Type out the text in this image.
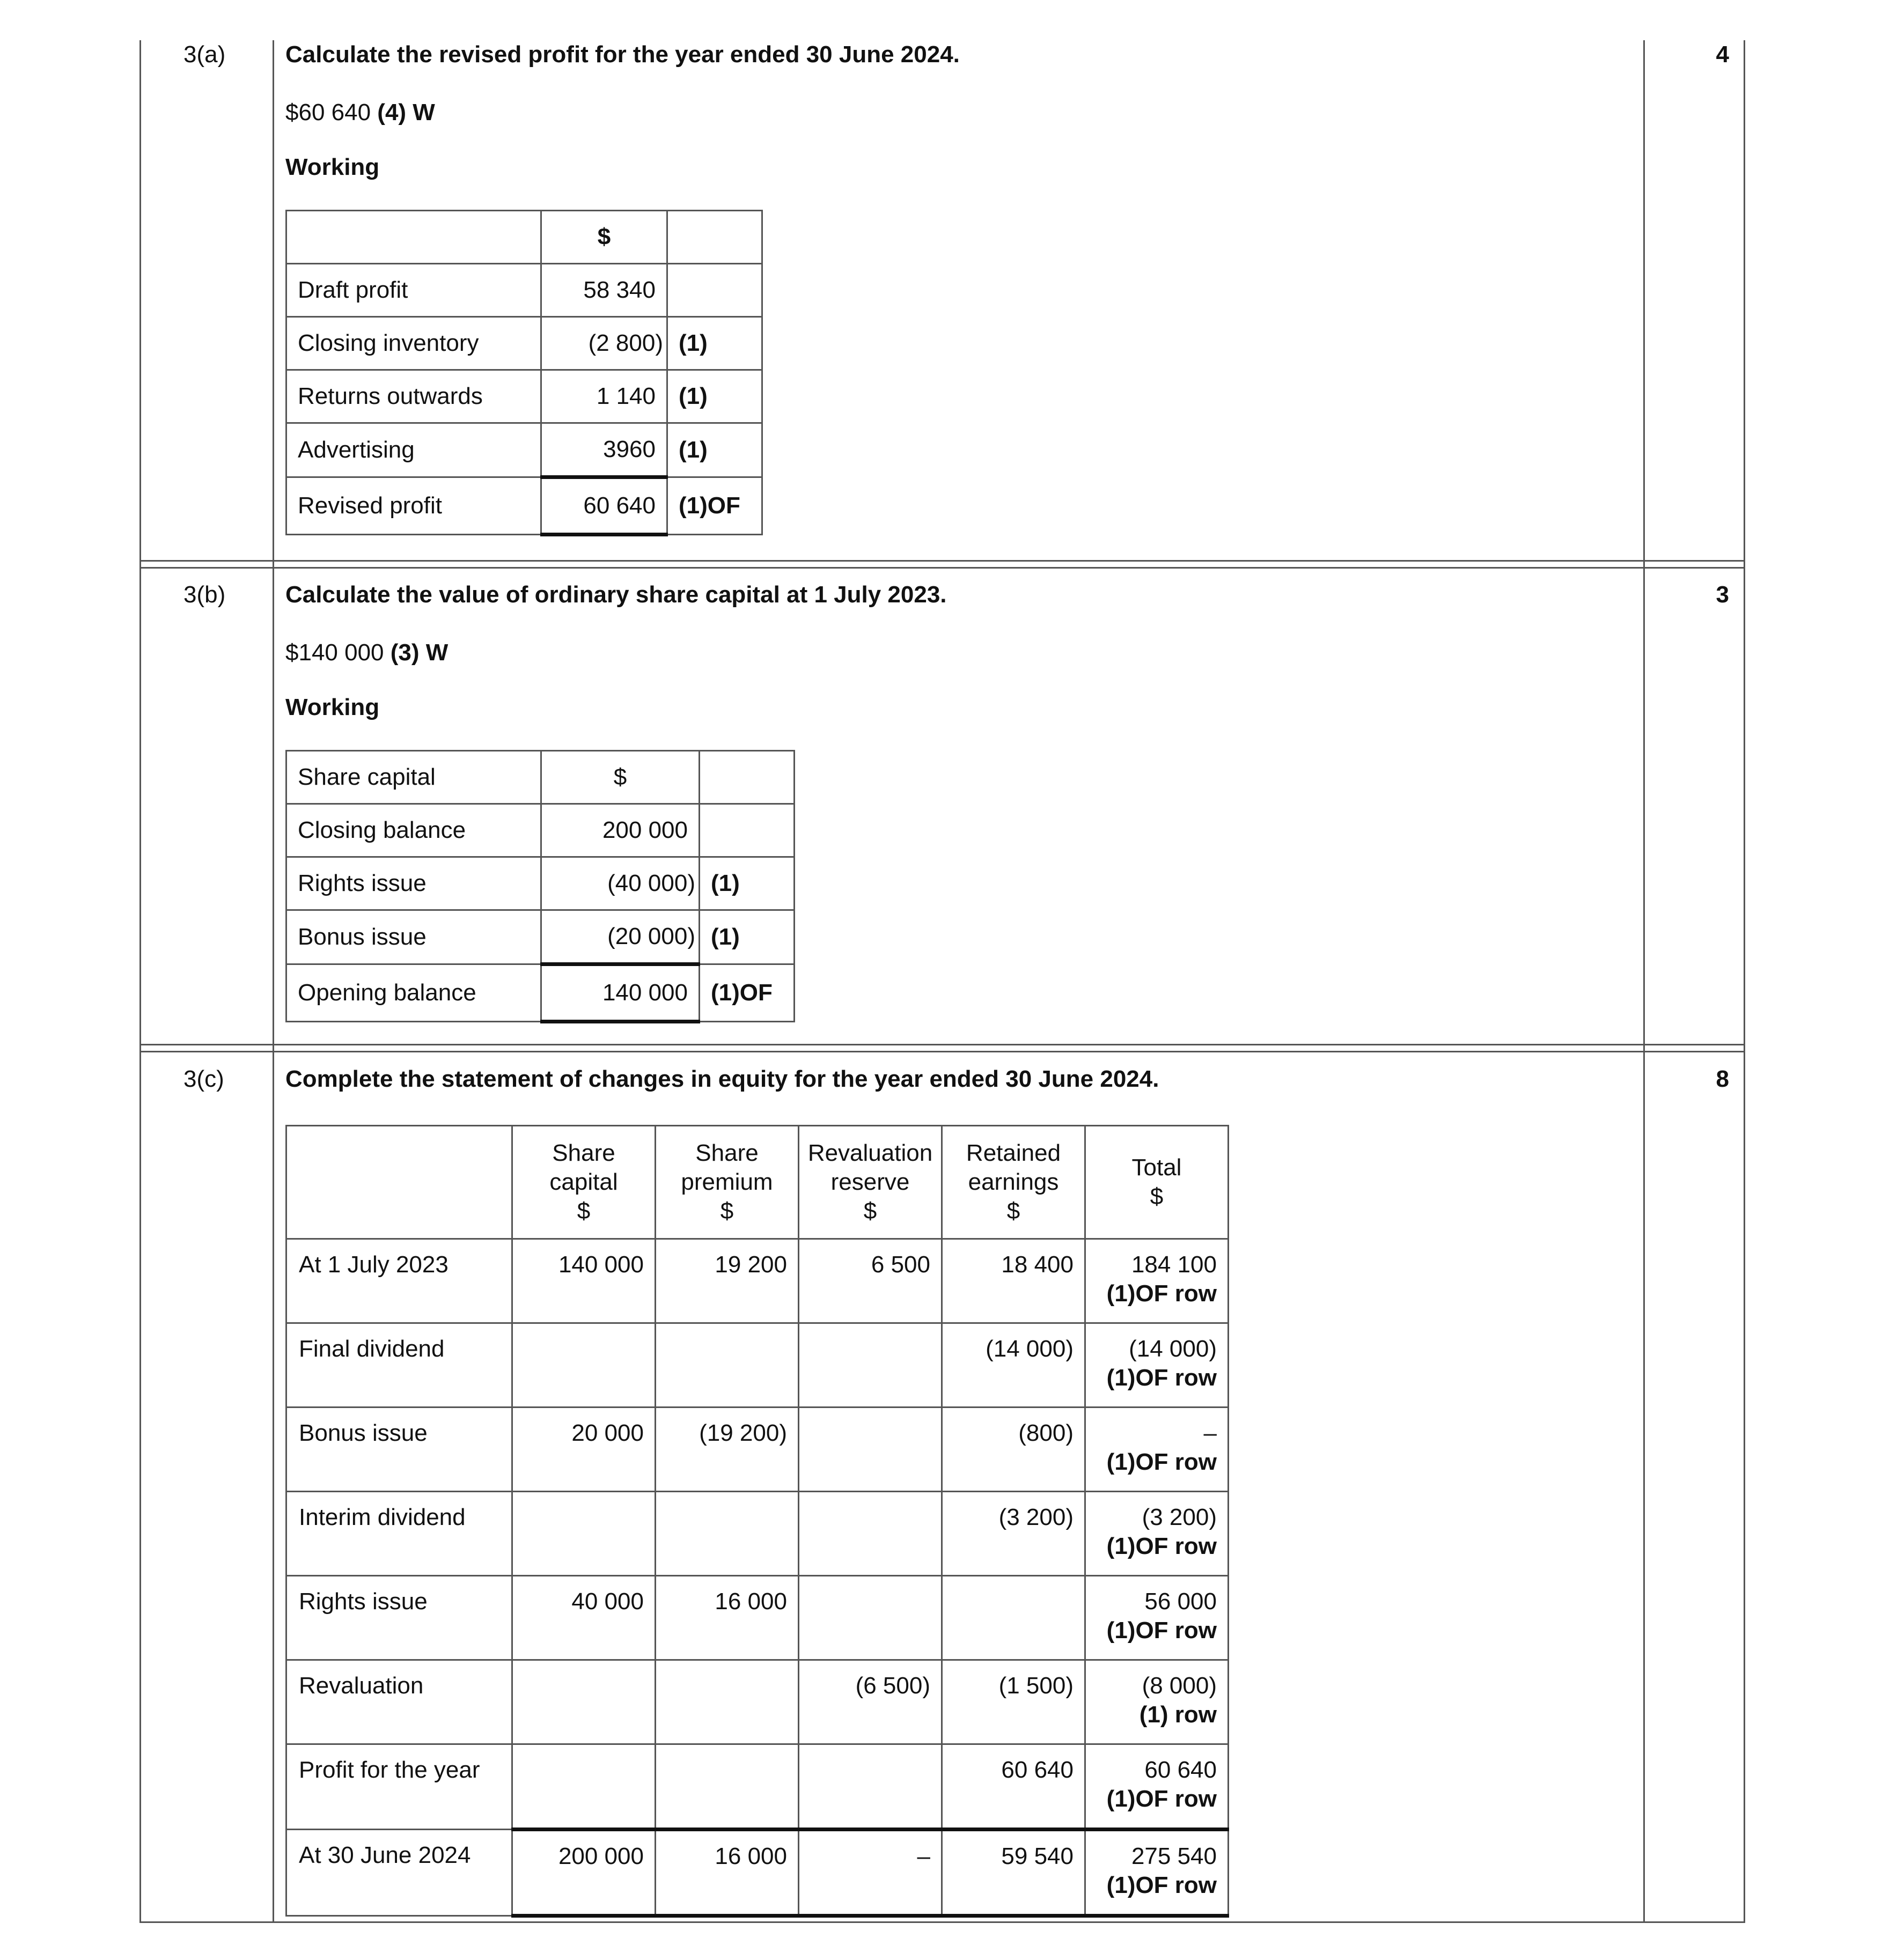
3(a)	4

Calculate the revised profit for the year ended 30 June 2024.

$60 640 (4) W

Working

	$	
Draft profit	58 340	
Closing inventory	(2 800)	(1)
Returns outwards	1 140	(1)
Advertising	3960	(1)
Revised profit	60 640	(1)OF
3(b)	3

Calculate the value of ordinary share capital at 1 July 2023.

$140 000 (3) W

Working

Share capital	$	
Closing balance	200 000	
Rights issue	(40 000)	(1)
Bonus issue	(20 000)	(1)
Opening balance	140 000	(1)OF
3(c)	8

Complete the statement of changes in equity for the year ended 30 June 2024.

	Share
capital
$	Share
premium
$	Revaluation
reserve
$	Retained
earnings
$	Total
$
At 1 July 2023	140 000	19 200	6 500	18 400	184 100
(1)OF row

Final dividend				(14 000)	(14 000)
(1)OF row

Bonus issue	20 000	(19 200)		(800)	–
(1)OF row

Interim dividend				(3 200)	(3 200)
(1)OF row

Rights issue	40 000	16 000			56 000
(1)OF row

Revaluation			(6 500)	(1 500)	(8 000)
(1) row

Profit for the year				60 640	60 640
(1)OF row

At 30 June 2024	200 000	16 000	–	59 540	275 540
(1)OF row
